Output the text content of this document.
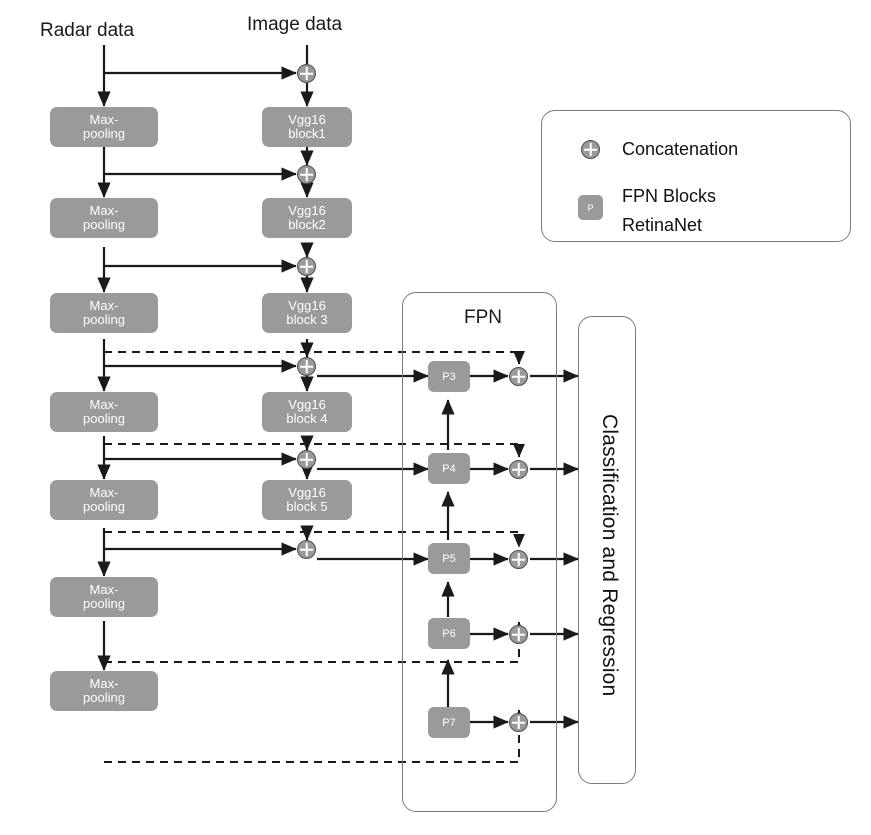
Radar data	Image data
Max-
pooling
Max-
pooling
Max-
pooling
Max-
pooling
Max-
pooling
Max-
pooling
Max-
pooling
Vgg16
block1
Vgg16
block2
Vgg16
block 3
Vgg16
block 4
Vgg16
block 5
FPN
P3
P4
P5
P6
P7
Classification and Regression
Concatenation
P
FPN Blocks
RetinaNet
